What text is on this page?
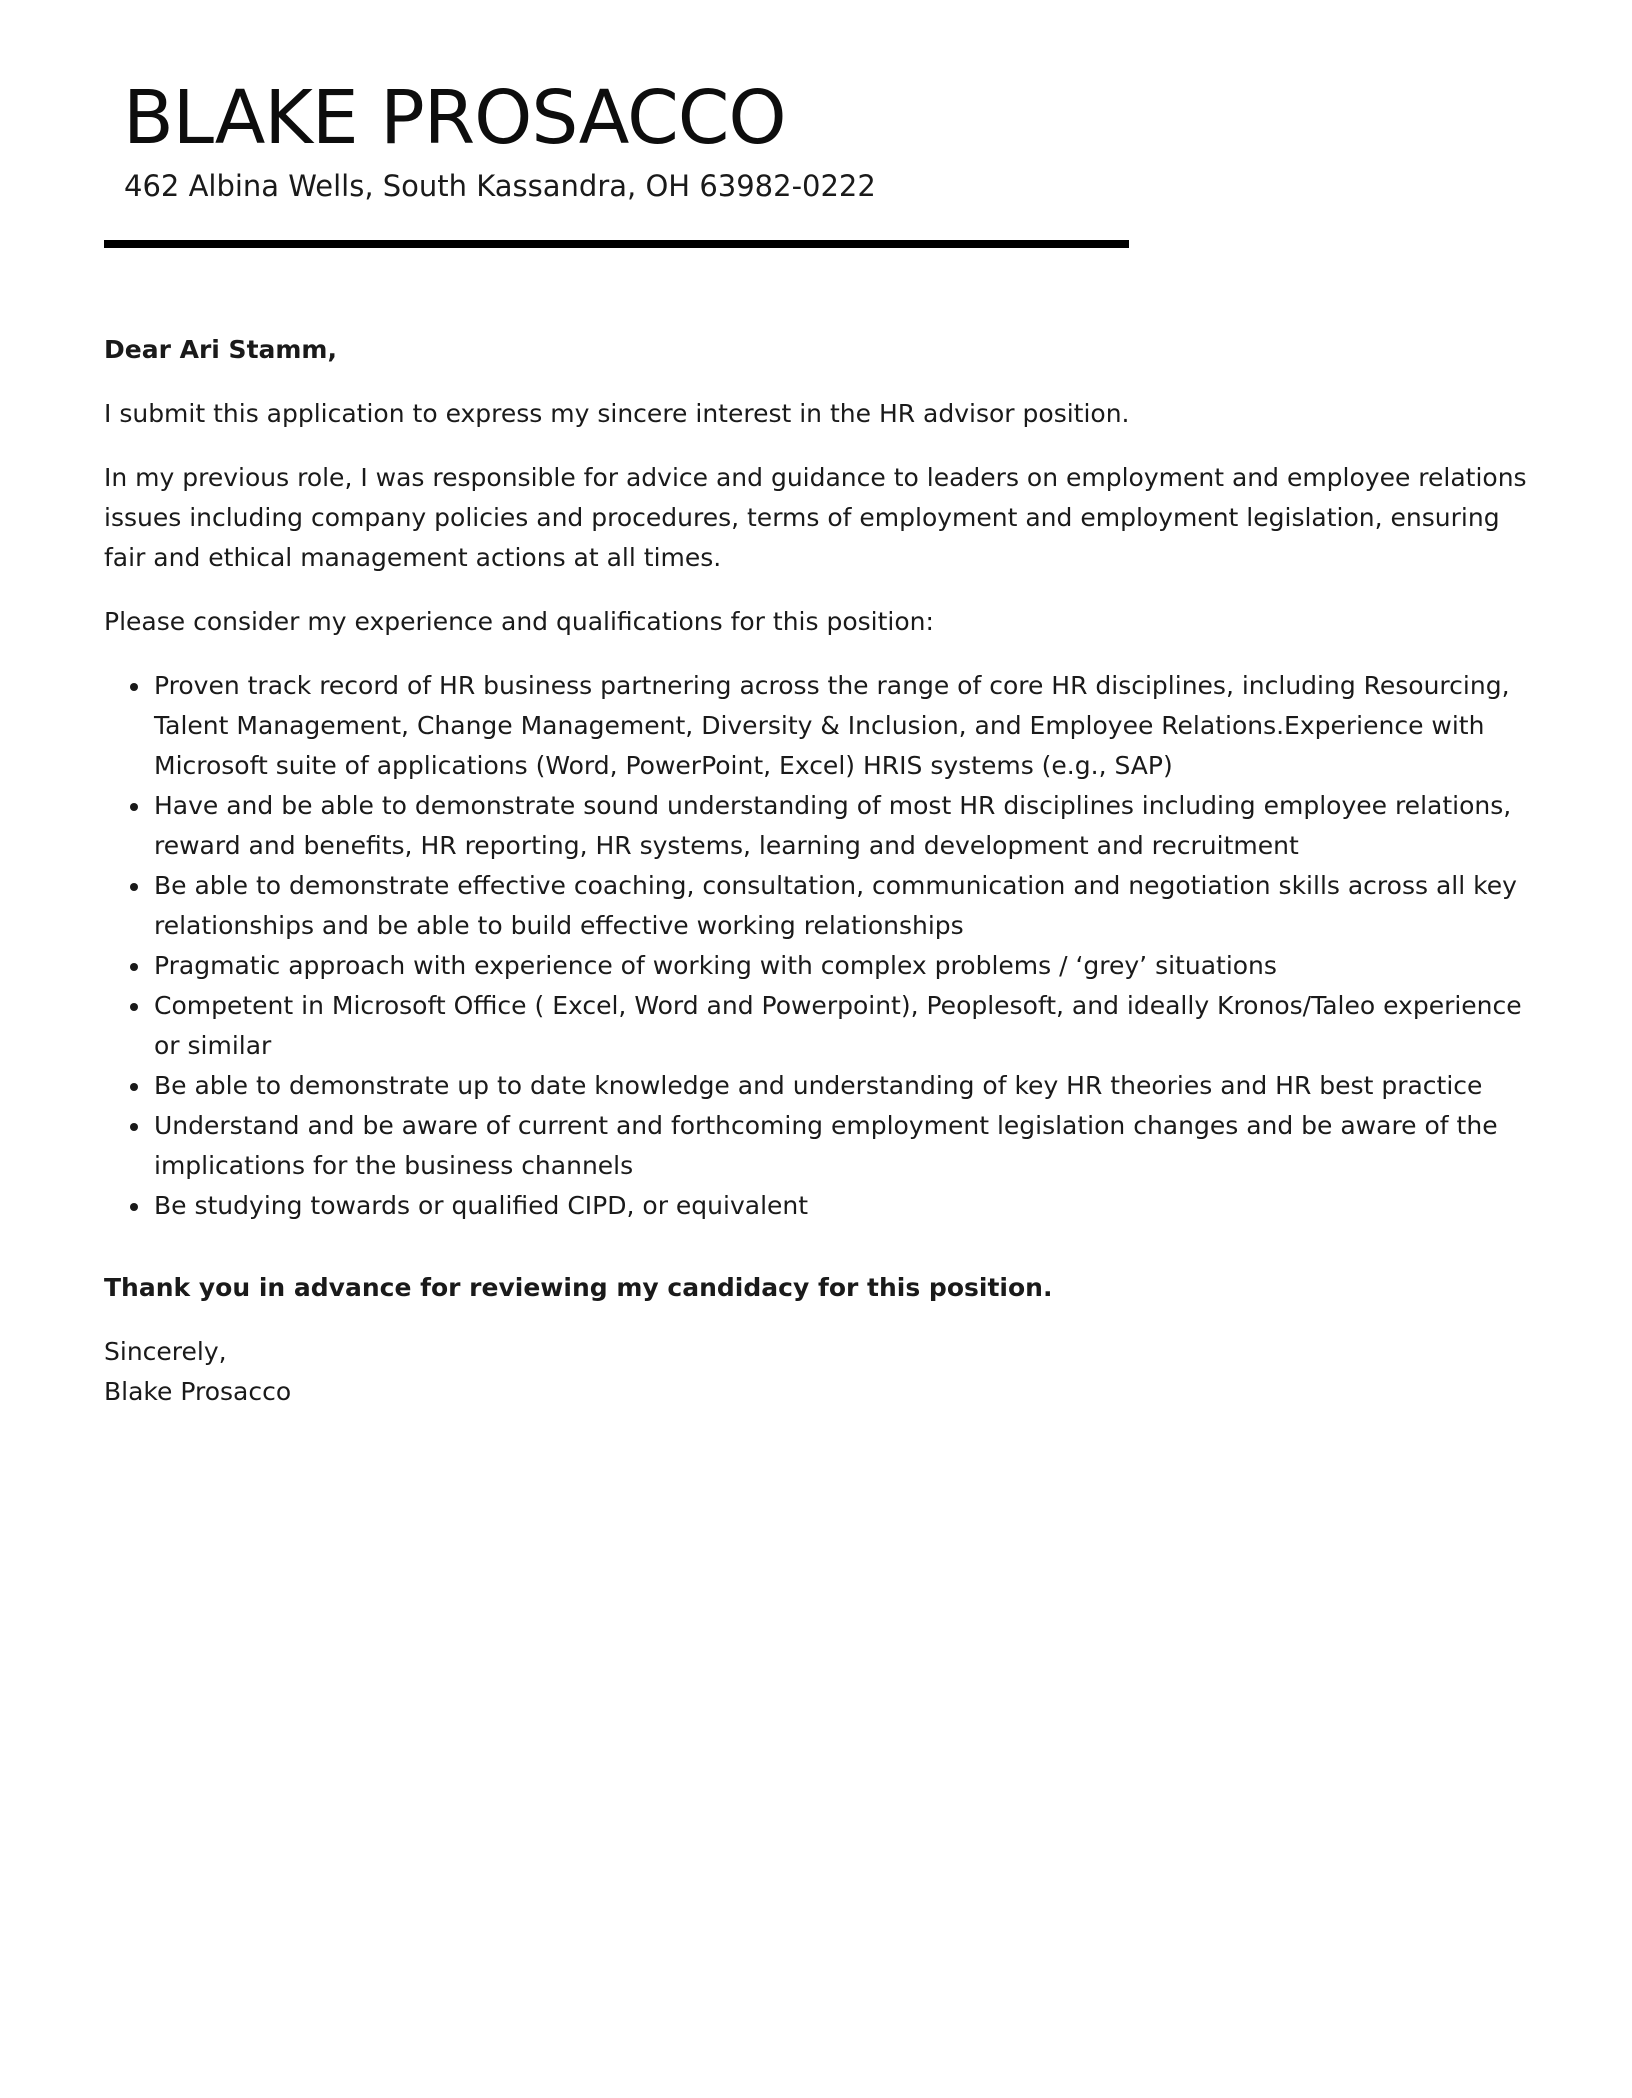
BLAKE PROSACCO
462 Albina Wells, South Kassandra, OH 63982-0222

Dear Ari Stamm,

I submit this application to express my sincere interest in the HR advisor position.

In my previous role, I was responsible for advice and guidance to leaders on employment and employee relations issues including company policies and procedures, terms of employment and employment legislation, ensuring fair and ethical management actions at all times.

Please consider my experience and qualifications for this position:

• Proven track record of HR business partnering across the range of core HR disciplines, including Resourcing, Talent Management, Change Management, Diversity & Inclusion, and Employee Relations.Experience with Microsoft suite of applications (Word, PowerPoint, Excel) HRIS systems (e.g., SAP)
• Have and be able to demonstrate sound understanding of most HR disciplines including employee relations, reward and benefits, HR reporting, HR systems, learning and development and recruitment
• Be able to demonstrate effective coaching, consultation, communication and negotiation skills across all key relationships and be able to build effective working relationships
• Pragmatic approach with experience of working with complex problems / ‘grey’ situations
• Competent in Microsoft Office ( Excel, Word and Powerpoint), Peoplesoft, and ideally Kronos/Taleo experience or similar
• Be able to demonstrate up to date knowledge and understanding of key HR theories and HR best practice
• Understand and be aware of current and forthcoming employment legislation changes and be aware of the implications for the business channels
• Be studying towards or qualified CIPD, or equivalent

Thank you in advance for reviewing my candidacy for this position.

Sincerely,

Blake Prosacco
